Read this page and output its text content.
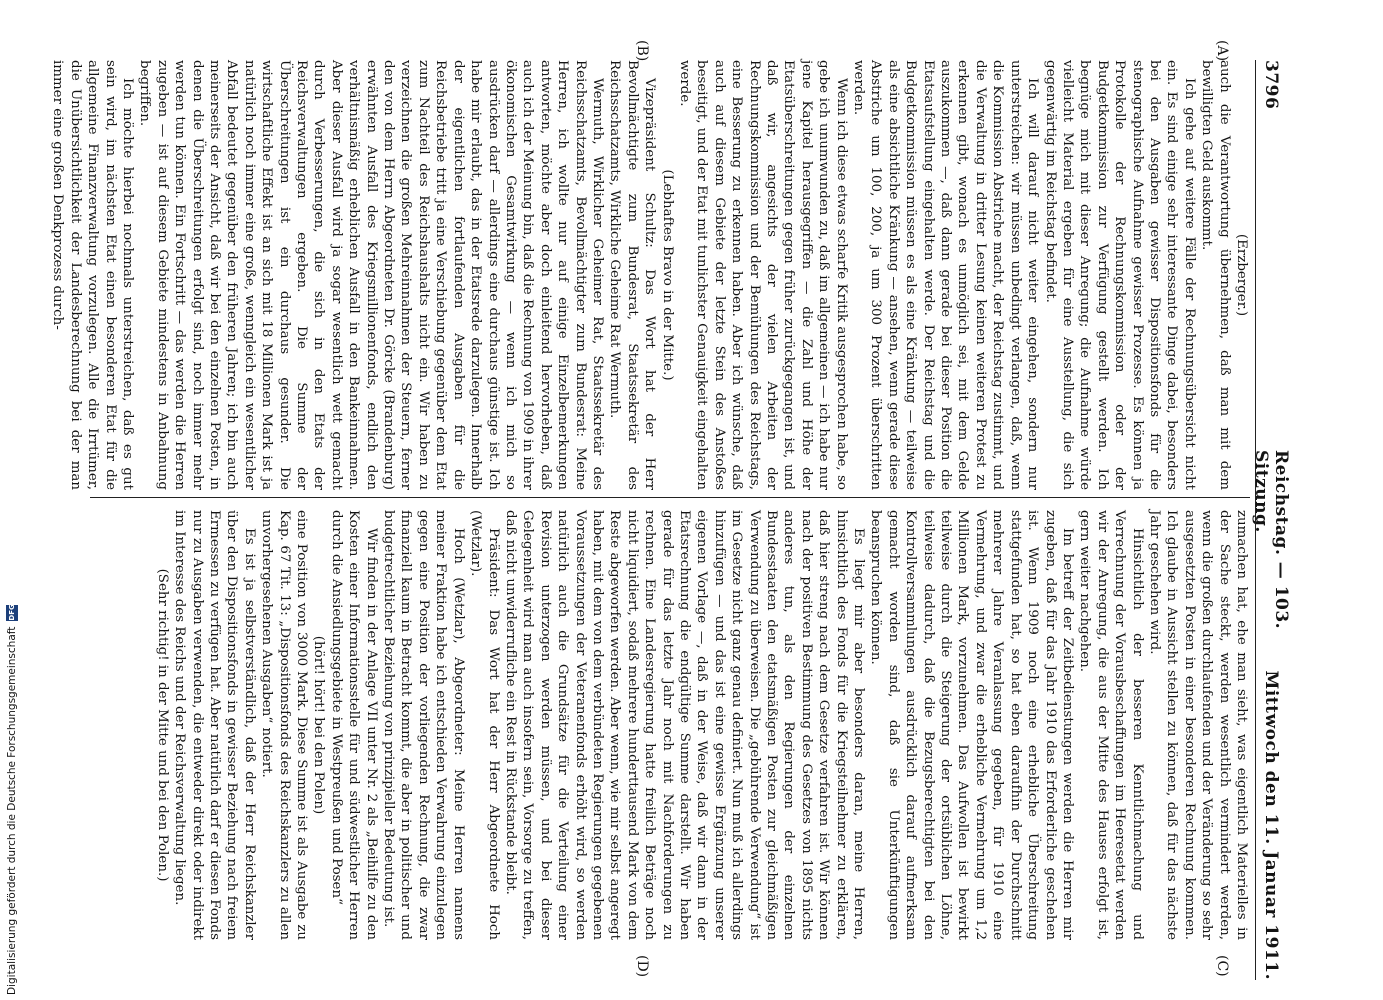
3796
Reichstag. — 103. Sitzung.
Mittwoch den 11. Januar 1911.
(A)
(B)
(C)
(D)

(Erzberger.)

auch die Verantwortung übernehmen, daß man mit dem bewilligten Geld auskommt.

Ich gehe auf weitere Fälle der Rechnungsübersicht nicht ein. Es sind einige sehr interessante Dinge dabei, besonders bei den Ausgaben gewisser Dispositionsfonds für die stenographische Aufnahme gewisser Prozesse. Es können ja Protokolle der Rechnungskommission oder der Budgetkommission zur Verfügung gestellt werden. Ich begnüge mich mit dieser Anregung; die Aufnahme würde vielleicht Material ergeben für eine Ausstellung, die sich gegenwärtig im Reichstag befindet.

Ich will darauf nicht weiter eingehen, sondern nur unterstreichen: wir müssen unbedingt verlangen, daß, wenn die Kommission Abstriche macht, der Reichstag zustimmt, und die Verwaltung in dritter Lesung keinen weiteren Protest zu erkennen gibt, wonach es unmöglich sei, mit dem Gelde auszukommen —, daß dann gerade bei dieser Position die Etatsaufstellung eingehalten werde. Der Reichstag und die Budgetkommission müssen es als eine Kränkung — teilweise als eine absichtliche Kränkung — ansehen, wenn gerade diese Abstriche um 100, 200, ja um 300 Prozent überschritten werden.

Wenn ich diese etwas scharfe Kritik ausgesprochen habe, so gebe ich unumwunden zu, daß im allgemeinen — ich habe nur jene Kapitel herausgegriffen — die Zahl und Höhe der Etatsüberschreitungen gegen früher zurückgegangen ist, und daß wir, angesichts der vielen Arbeiten der Rechnungskommission und der Bemühungen des Reichstags, eine Besserung zu erkennen haben. Aber ich wünsche, daß auch auf diesem Gebiete der letzte Stein des Anstoßes beseitigt, und der Etat mit tunlichster Genauigkeit eingehalten werde.

(Lebhaftes Bravo in der Mitte.)

Vizepräsident Schultz: Das Wort hat der Herr Bevollmächtigte zum Bundesrat, Staatssekretär des Reichsschatzamts, Wirkliche Geheime Rat Wermuth.

Wermuth, Wirklicher Geheimer Rat, Staatssekretär des Reichsschatzamts, Bevollmächtigter zum Bundesrat: Meine Herren, ich wollte nur auf einige Einzelbemerkungen antworten, möchte aber doch einleitend hervorheben, daß auch ich der Meinung bin, daß die Rechnung von 1909 in ihrer ökonomischen Gesamtwirkung — wenn ich mich so ausdrücken darf — allerdings eine durchaus günstige ist. Ich habe mir erlaubt, das in der Etatsrede darzulegen. Innerhalb der eigentlichen fortlaufenden Ausgaben für die Reichsbetriebe tritt ja eine Verschiebung gegenüber dem Etat zum Nachteil des Reichshaushalts nicht ein. Wir haben zu verzeichnen die großen Mehreinnahmen der Steuern, ferner den von dem Herrn Abgeordneten Dr. Görcke (Brandenburg) erwähnten Ausfall des Kriegsmillionenfonds, endlich den verhältnismäßig erheblichen Ausfall in den Bankeinnahmen. Aber dieser Ausfall wird ja sogar wesentlich wett gemacht durch Verbesserungen, die sich in den Etats der Reichsverwaltungen ergeben. Die Summe der Überschreitungen ist ein durchaus gesunder. Die wirtschaftliche Effekt ist an sich mit 18 Millionen Mark ist ja natürlich noch immer eine große, wenngleich ein wesentlicher Abfall bedeutet gegenüber den früheren Jahren; ich bin auch meinerseits der Ansicht, daß wir bei den einzelnen Posten, in denen die Überschreitungen erfolgt sind, noch immer mehr werden tun können. Ein Fortschritt — das werden die Herren zugeben — ist auf diesem Gebiete mindestens in Anbahnung begriffen.

Ich möchte hierbei nochmals unterstreichen, daß es gut sein wird, im nächsten Etat einen besonderen Etat für die allgemeine Finanzverwaltung vorzulegen. Alle die Irrtümer, die Unübersichtlichkeit der Landesberechnung bei der man immer eine großen Denkprozess durch-

zumachen hat, ehe man sieht, was eigentlich Materielles in der Sache steckt, werden wesentlich vermindert werden, wenn die großen durchlaufenden und der Veränderung so sehr ausgesetzten Posten in einer besonderen Rechnung kommen. Ich glaube in Aussicht stellen zu können, daß für das nächste Jahr geschehen wird.

Hinsichtlich der besseren Kenntlichmachung und Verrechnung der Vorausbeschaffungen im Heeresetat werden wir der Anregung, die aus der Mitte des Hauses erfolgt ist, gern weiter nachgehen.

Im betreff der Zeitbedienstungen werden die Herren mir zugeben, daß für das Jahr 1910 das Erforderliche geschehen ist. Wenn 1909 noch eine erhebliche Überschreitung stattgefunden hat, so hat eben daraufhin der Durchschnitt mehrerer Jahre Veranlassung gegeben, für 1910 eine Vermehrung, und zwar die erhebliche Vermehrung um 1,2 Millionen Mark, vorzunehmen. Das Aufwollen ist bewirkt teilweise durch die Steigerung der ortsüblichen Löhne, teilweise dadurch, daß die Bezugsberechtigten bei den Kontrollversammlungen ausdrücklich darauf aufmerksam gemacht worden sind, daß sie Unterkünftigungen beanspruchen können.

Es liegt mir aber besonders daran, meine Herren, hinsichtlich des Fonds für die Kriegsteilnehmer zu erklären, daß hier streng nach dem Gesetze verfahren ist. Wir können nach der positiven Bestimmung des Gesetzes von 1895 nichts anderes tun, als den Regierungen der einzelnen Bundesstaaten den etatsmäßigen Posten zur gleichmäßigen Verwendung zu überweisen. Die „gebührende Verwendung“ ist im Gesetze nicht ganz genau definiert. Nun muß ich allerdings hinzufügen — und das ist eine gewisse Ergänzung unserer eigenen Vorlage —, daß in der Weise, daß wir dann in der Etatsrechnung die endgültige Summe darstellt. Wir haben gerade für das letzte Jahr noch mit Nachforderungen zu rechnen. Eine Landesregierung hatte freilich Beträge noch nicht liquidiert, sodaß mehrere hunderttausend Mark von dem Reste abgeworfen werden. Aber wenn, wie mir selbst angeregt haben, mit dem von dem verbündeten Regierungen gegebenen Voraussetzungen der Veteranenfonds erhöht wird, so werden natürlich auch die Grundsätze für die Verteilung einer Revision unterzogen werden müssen, und bei dieser Gelegenheit wird man auch insofern sein, Vorsorge zu treffen, daß nicht unwiderrufliche ein Rest in Rückstande bleibt.

Präsident: Das Wort hat der Herr Abgeordnete Hoch (Wetzlar).

Hoch (Wetzlar), Abgeordneter: Meine Herren namens meiner Fraktion habe ich entschieden Verwahrung einzulegen gegen eine Position der vorliegenden Rechnung, die zwar finanziell kaum in Betracht kommt, die aber in politischer und budgetrechtlicher Beziehung von prinzipieller Bedeutung ist.

Wir finden in der Anlage VII unter Nr. 2 als „Beihilfe zu den Kosten einer Informationsstelle für und südwestlicher Herren durch die Ansiedlungsgebiete in Westpreußen und Posen“

(hört! hört! bei den Polen)

eine Position von 3000 Mark. Diese Summe ist als Ausgabe zu Kap. 67 Tit. 13: „Dispositionsfonds des Reichskanzlers zu allen unvorhergesehenen Ausgaben“ notiert.

Es ist ja selbstverständlich, daß der Herr Reichskanzler über den Dispositionsfonds in gewisser Beziehung nach freiem Ermessen zu verfügen hat. Aber natürlich darf er diesen Fonds nur zu Ausgaben verwenden, die entweder direkt oder indirekt im Interesse des Reichs und der Reichsverwaltung liegen.

(Sehr richtig! in der Mitte und bei den Polen.)

Digitalisierung gefördert durch die Deutsche Forschungsgemeinschaft
DFG
